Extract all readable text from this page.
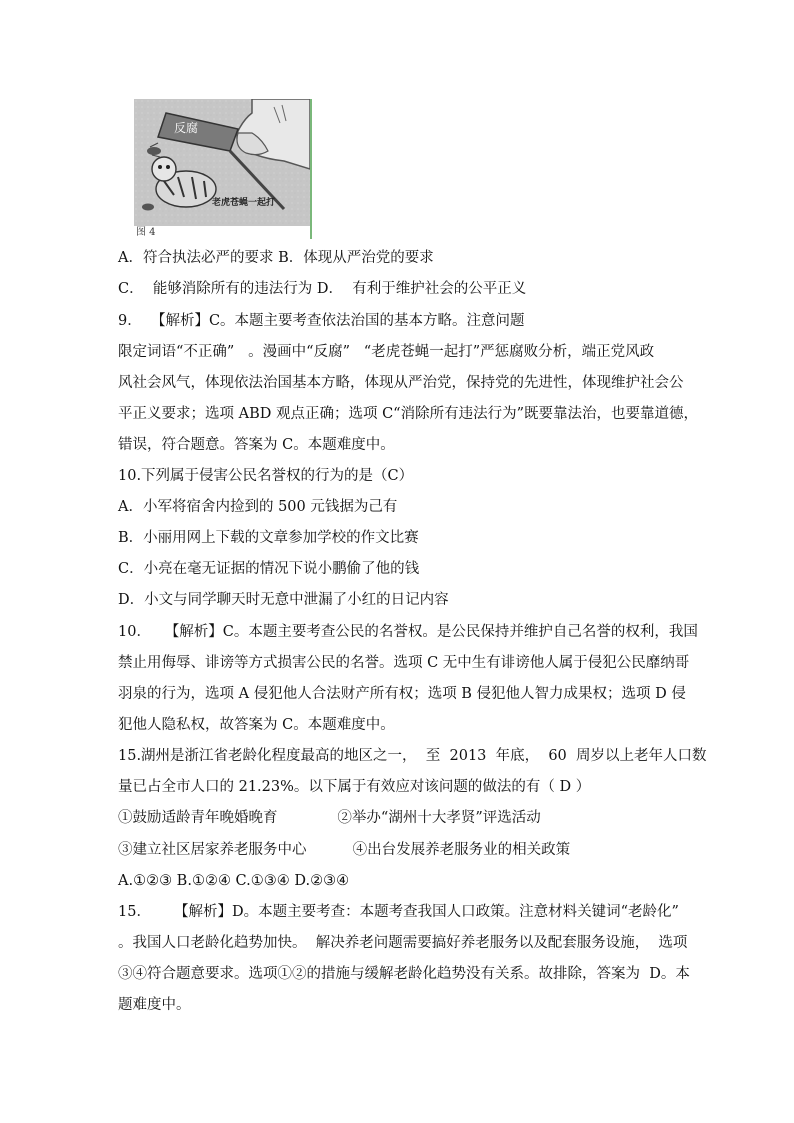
反腐
老虎苍蝇一起打
图 4
A．符合执法必严的要求 B．体现从严治党的要求
C．  能够消除所有的违法行为 D．  有利于维护社会的公平正义
9．  【解析】C。本题主要考查依法治国的基本方略。注意问题
限定词语“不正确”   。漫画中“反腐”   “老虎苍蝇一起打”严惩腐败分析，端正党风政
风社会风气，体现依法治国基本方略，体现从严治党，保持党的先进性，体现维护社会公
平正义要求；选项 ABD 观点正确；选项 C“消除所有违法行为”既要靠法治，也要靠道德，
错误，符合题意。答案为 C。本题难度中。
10.下列属于侵害公民名誉权的行为的是（C）
A．小军将宿舍内捡到的 500 元钱据为己有
B．小丽用网上下载的文章参加学校的作文比赛
C．小亮在毫无证据的情况下说小鹏偷了他的钱
D．小文与同学聊天时无意中泄漏了小红的日记内容
10．   【解析】C。本题主要考查公民的名誉权。是公民保持并维护自己名誉的权利，我国
禁止用侮辱、诽谤等方式损害公民的名誉。选项 C 无中生有诽谤他人属于侵犯公民靡纳哥
羽泉的行为，选项 A 侵犯他人合法财产所有权；选项 B 侵犯他人智力成果权；选项 D 侵
犯他人隐私权，故答案为 C。本题难度中。
15.湖州是浙江省老龄化程度最高的地区之一，  至  2013  年底，  60  周岁以上老年人口数
量已占全市人口的 21.23%。以下属于有效应对该问题的做法的有（ D ）
①鼓励适龄青年晚婚晚育             ②举办“湖州十大孝贤”评选活动
③建立社区居家养老服务中心          ④出台发展养老服务业的相关政策
A.①②③ B.①②④ C.①③④ D.②③④
15．     【解析】D。本题主要考查：本题考查我国人口政策。注意材料关键词“老龄化”
。我国人口老龄化趋势加快。  解决养老问题需要搞好养老服务以及配套服务设施，  选项
③④符合题意要求。选项①②的措施与缓解老龄化趋势没有关系。故排除，答案为  D。本
题难度中。
